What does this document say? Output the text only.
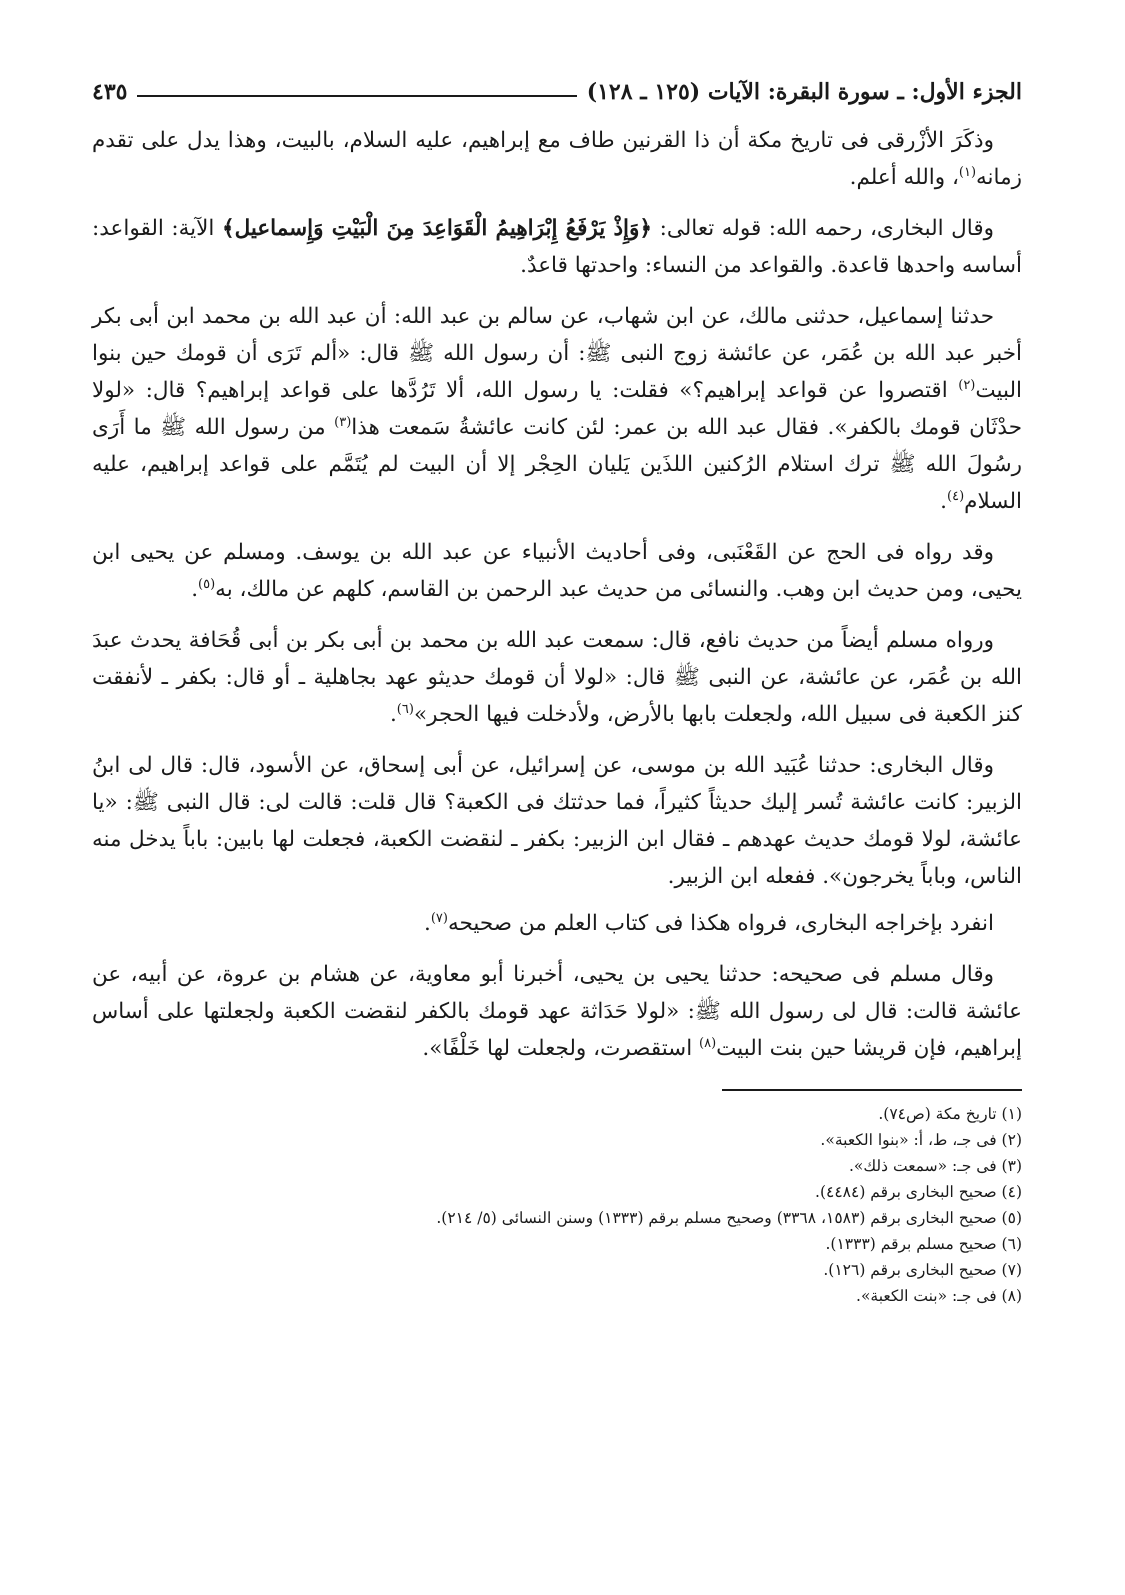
الجزء الأول: ـ سورة البقرة: الآيات (١٢٥ ـ ١٢٨)
٤٣٥

وذكَرَ الأزْرقى فى تاريخ مكة أن ذا القرنين طاف مع إبراهيم، عليه السلام، بالبيت، وهذا يدل على تقدم زمانه$^{(١)}$، والله أعلم.

وقال البخارى، رحمه الله: قوله تعالى: ﴿وَإِذْ يَرْفَعُ إِبْرَاهِيمُ الْقَوَاعِدَ مِنَ الْبَيْتِ وَإِسماعيل﴾ الآية: القواعد: أساسه واحدها قاعدة. والقواعد من النساء: واحدتها قاعدٌ.

حدثنا إسماعيل، حدثنى مالك، عن ابن شهاب، عن سالم بن عبد الله: أن عبد الله بن محمد ابن أبى بكر أخبر عبد الله بن عُمَر، عن عائشة زوج النبى ﷺ: أن رسول الله ﷺ قال: «ألم تَرَى أن قومك حين بنوا البيت$^{(٢)}$ اقتصروا عن قواعد إبراهيم؟» فقلت: يا رسول الله، ألا تَرُدَّها على قواعد إبراهيم؟ قال: «لولا حدْثَان قومك بالكفر». فقال عبد الله بن عمر: لئن كانت عائشةُ سَمعت هذا$^{(٣)}$ من رسول الله ﷺ ما أَرَى رسُولَ الله ﷺ ترك استلام الرُكنين اللذَين يَليان الحِجْر إلا أن البيت لم يُتَمَّم على قواعد إبراهيم، عليه السلام$^{(٤)}$.

وقد رواه فى الحج عن القَعْنَبى، وفى أحاديث الأنبياء عن عبد الله بن يوسف. ومسلم عن يحيى ابن يحيى، ومن حديث ابن وهب. والنسائى من حديث عبد الرحمن بن القاسم، كلهم عن مالك، به$^{(٥)}$.

ورواه مسلم أيضاً من حديث نافع، قال: سمعت عبد الله بن محمد بن أبى بكر بن أبى قُحَافة يحدث عبدَ الله بن عُمَر، عن عائشة، عن النبى ﷺ قال: «لولا أن قومك حديثو عهد بجاهلية ـ أو قال: بكفر ـ لأنفقت كنز الكعبة فى سبيل الله، ولجعلت بابها بالأرض، ولأدخلت فيها الحجر»$^{(٦)}$.

وقال البخارى: حدثنا عُبَيد الله بن موسى، عن إسرائيل، عن أبى إسحاق، عن الأسود، قال: قال لى ابنُ الزبير: كانت عائشة تُسر إليك حديثاً كثيراً، فما حدثتك فى الكعبة؟ قال قلت: قالت لى: قال النبى ﷺ: «يا عائشة، لولا قومك حديث عهدهم ـ فقال ابن الزبير: بكفر ـ لنقضت الكعبة، فجعلت لها بابين: باباً يدخل منه الناس، وباباً يخرجون». ففعله ابن الزبير.

انفرد بإخراجه البخارى، فرواه هكذا فى كتاب العلم من صحيحه$^{(٧)}$.

وقال مسلم فى صحيحه: حدثنا يحيى بن يحيى، أخبرنا أبو معاوية، عن هشام بن عروة، عن أبيه، عن عائشة قالت: قال لى رسول الله ﷺ: «لولا حَدَاثة عهد قومك بالكفر لنقضت الكعبة ولجعلتها على أساس إبراهيم، فإن قريشا حين بنت البيت$^{(٨)}$ استقصرت، ولجعلت لها خَلْفًا».

(١) تاريخ مكة (ص٧٤).
(٢) فى جـ، ط، أ: «بنوا الكعبة».
(٣) فى جـ: «سمعت ذلك».
(٤) صحيح البخارى برقم (٤٤٨٤).
(٥) صحيح البخارى برقم (١٥٨٣، ٣٣٦٨) وصحيح مسلم برقم (١٣٣٣) وسنن النسائى (٥/ ٢١٤).
(٦) صحيح مسلم برقم (١٣٣٣).
(٧) صحيح البخارى برقم (١٢٦).
(٨) فى جـ: «بنت الكعبة».
